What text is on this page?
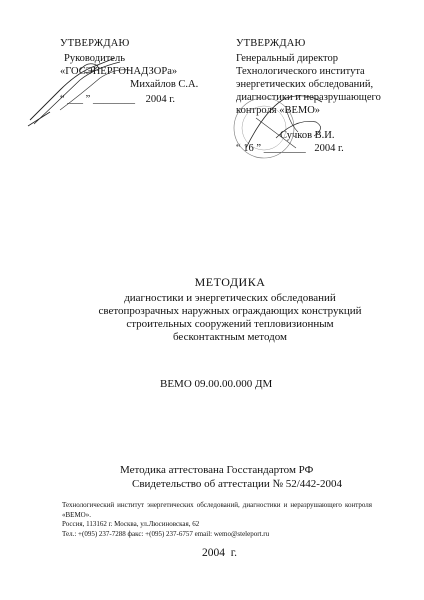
УТВЕРЖДАЮ
Руководитель
«ГОСЭНЕРГОНАДЗОРа»
Михайлов С.А.
“ ___ ” ________ 2004 г.
УТВЕРЖДАЮ
Генеральный директор
Технологического института
энергетических обследований,
диагностики и неразрушающего
контроля «ВЕМО»
Сучков В.И.
“ 16 ” ________ 2004 г.
МЕТОДИКА
диагностики и энергетических обследований
светопрозрачных наружных ограждающих конструкций
строительных сооружений тепловизионным
бесконтактным методом
ВЕМО 09.00.00.000 ДМ
Методика аттестована Госстандартом РФ
Свидетельство об аттестации № 52/442-2004
Технологический институт энергетических обследований, диагностики и неразрушающего контроля «ВЕМО».
Россия, 113162 г. Москва, ул.Люсиновская, 62
Тел.: +(095) 237-7288 факс: +(095) 237-6757 email: wemo@steleport.ru
2004  г.
